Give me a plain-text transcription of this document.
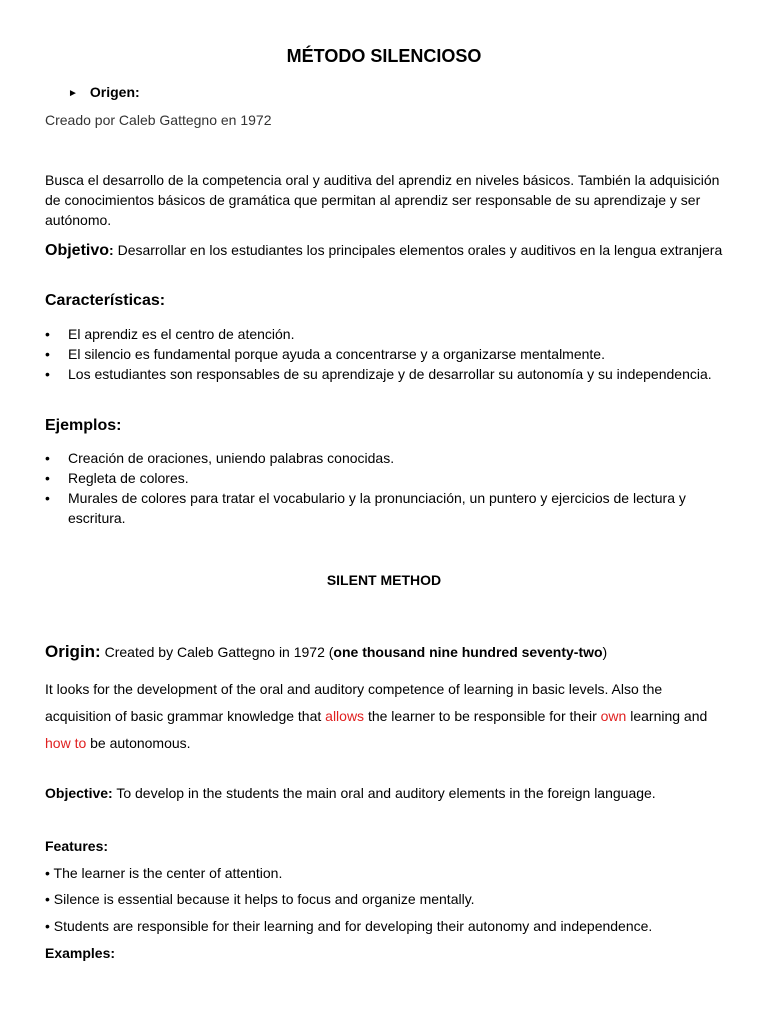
MÉTODO SILENCIOSO
► Origen:
Creado por Caleb Gattegno en 1972
Busca el desarrollo de la competencia oral y auditiva del aprendiz en niveles básicos. También la adquisición de conocimientos básicos de gramática que permitan al aprendiz ser responsable de su aprendizaje y ser autónomo.
Objetivo: Desarrollar en los estudiantes los principales elementos orales y auditivos en la lengua extranjera
Características:
• El aprendiz es el centro de atención.
• El silencio es fundamental porque ayuda a concentrarse y a organizarse mentalmente.
• Los estudiantes son responsables de su aprendizaje y de desarrollar su autonomía y su independencia.
Ejemplos:
• Creación de oraciones, uniendo palabras conocidas.
• Regleta de colores.
• Murales de colores para tratar el vocabulario y la pronunciación, un puntero y ejercicios de lectura y escritura.
SILENT METHOD
Origin: Created by Caleb Gattegno in 1972 (one thousand nine hundred seventy-two)
It looks for the development of the oral and auditory competence of learning in basic levels. Also the acquisition of basic grammar knowledge that allows the learner to be responsible for their own learning and how to be autonomous.
Objective: To develop in the students the main oral and auditory elements in the foreign language.
Features:
• The learner is the center of attention.
• Silence is essential because it helps to focus and organize mentally.
• Students are responsible for their learning and for developing their autonomy and independence.
Examples:
